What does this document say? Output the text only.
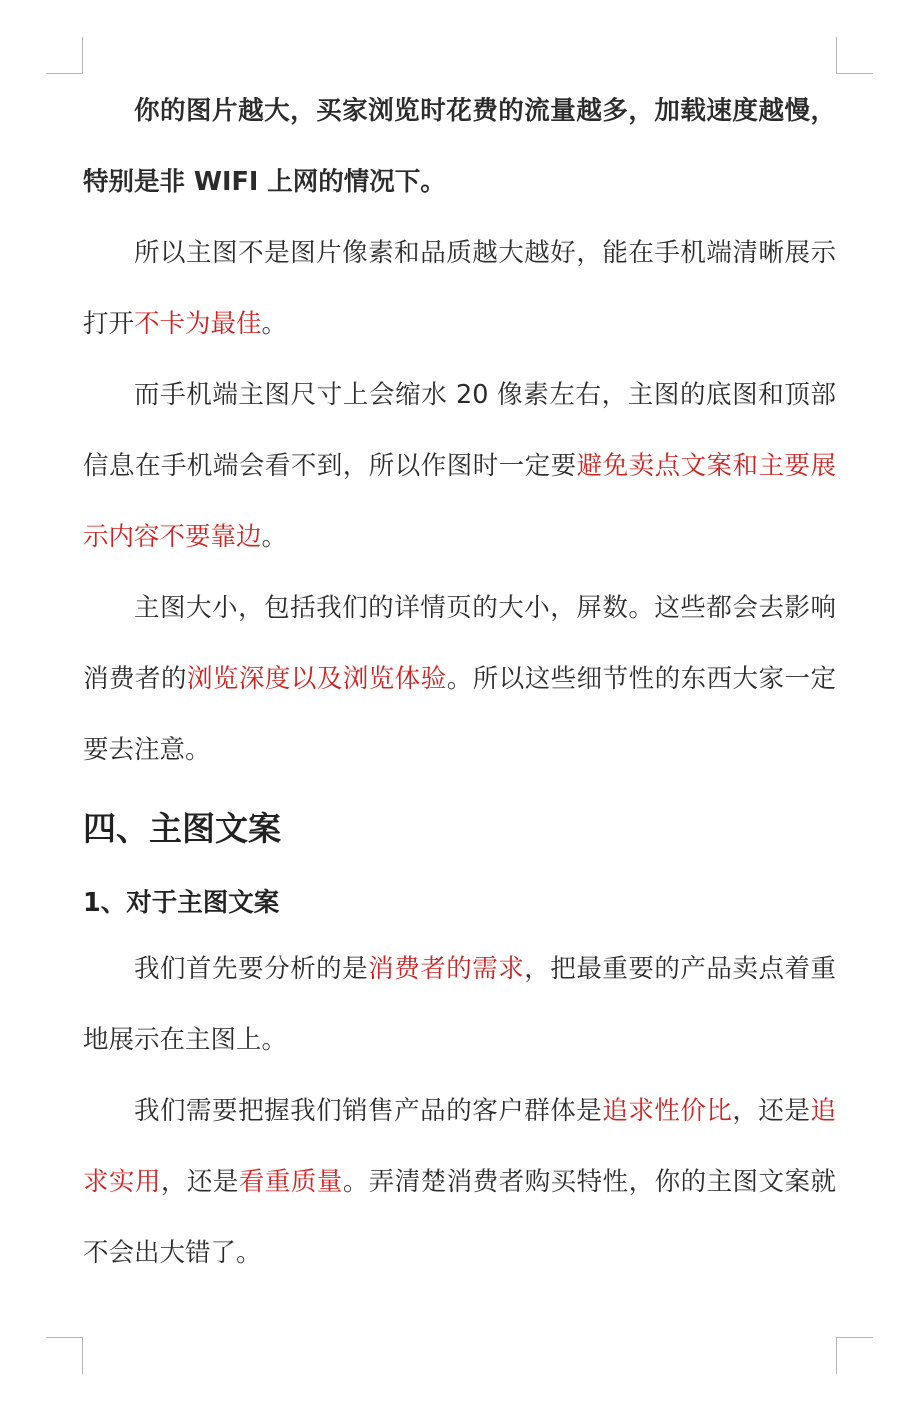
你的图片越大，买家浏览时花费的流量越多，加载速度越慢，特别是非 WIFI 上网的情况下。

所以主图不是图片像素和品质越大越好，能在手机端清晰展示打开不卡为最佳。

而手机端主图尺寸上会缩水 20 像素左右，主图的底图和顶部信息在手机端会看不到，所以作图时一定要避免卖点文案和主要展示内容不要靠边。

主图大小，包括我们的详情页的大小，屏数。这些都会去影响消费者的浏览深度以及浏览体验。所以这些细节性的东西大家一定要去注意。

四、主图文案
1、对于主图文案

我们首先要分析的是消费者的需求，把最重要的产品卖点着重地展示在主图上。

我们需要把握我们销售产品的客户群体是追求性价比，还是追求实用，还是看重质量。弄清楚消费者购买特性，你的主图文案就不会出大错了。
